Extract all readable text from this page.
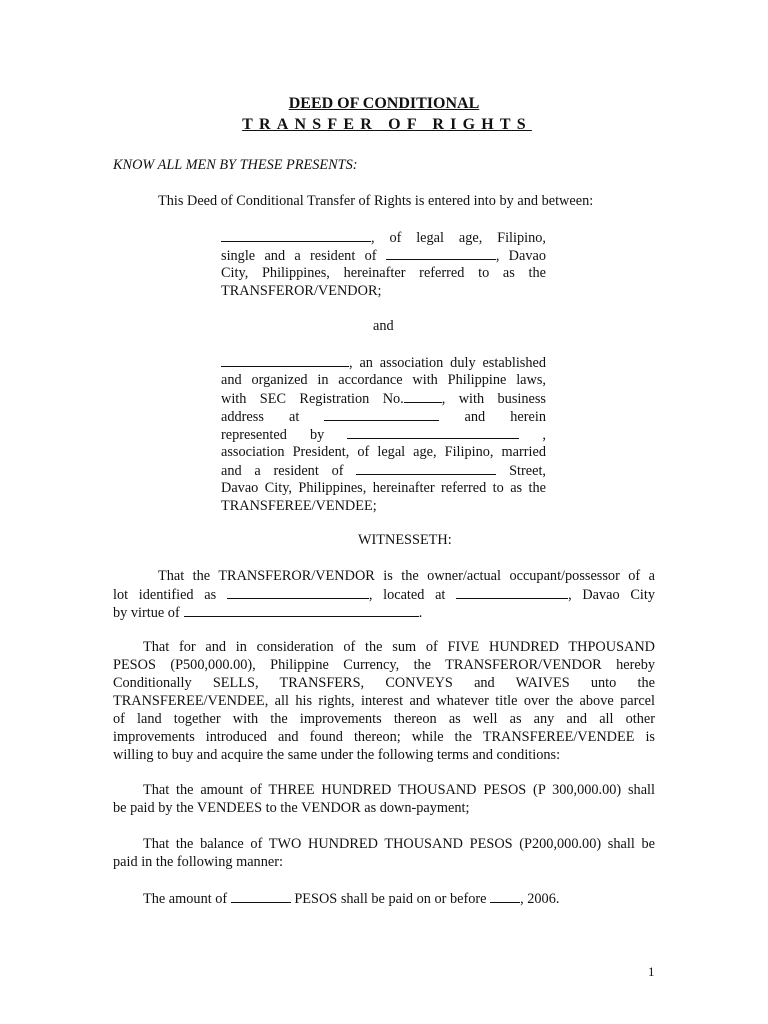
DEED OF CONDITIONAL
TRANSFER OF RIGHTS

KNOW ALL MEN BY THESE PRESENTS:

This Deed of Conditional Transfer of Rights is entered into by and between:

, of legal age, Filipino,
single and a resident of	, Davao
City, Philippines, hereinafter referred to as the
TRANSFEROR/VENDOR;

and

, an association duly established
and organized in accordance with Philippine laws,
with SEC Registration No.	, with business
address at	and herein
represented by	,
association President, of legal age, Filipino, married
and a resident of	Street,
Davao City, Philippines, hereinafter referred to as the
TRANSFEREE/VENDEE;

WITNESSETH:

That the TRANSFEROR/VENDOR is the owner/actual occupant/possessor of a
lot identified as	, located at	, Davao City
by virtue of	.
That for and in consideration of the sum of FIVE HUNDRED THPOUSAND
PESOS (P500,000.00), Philippine Currency, the TRANSFEROR/VENDOR hereby
Conditionally SELLS, TRANSFERS, CONVEYS and WAIVES unto the
TRANSFEREE/VENDEE, all his rights, interest and whatever title over the above parcel
of land together with the improvements thereon as well as any and all other
improvements introduced and found thereon; while the TRANSFEREE/VENDEE is
willing to buy and acquire the same under the following terms and conditions:
That the amount of THREE HUNDRED THOUSAND PESOS (P 300,000.00) shall
be paid by the VENDEES to the VENDOR as down-payment;
That the balance of TWO HUNDRED THOUSAND PESOS (P200,000.00) shall be
paid in the following manner:

The amount of	PESOS shall be paid on or before , 2006.

1
